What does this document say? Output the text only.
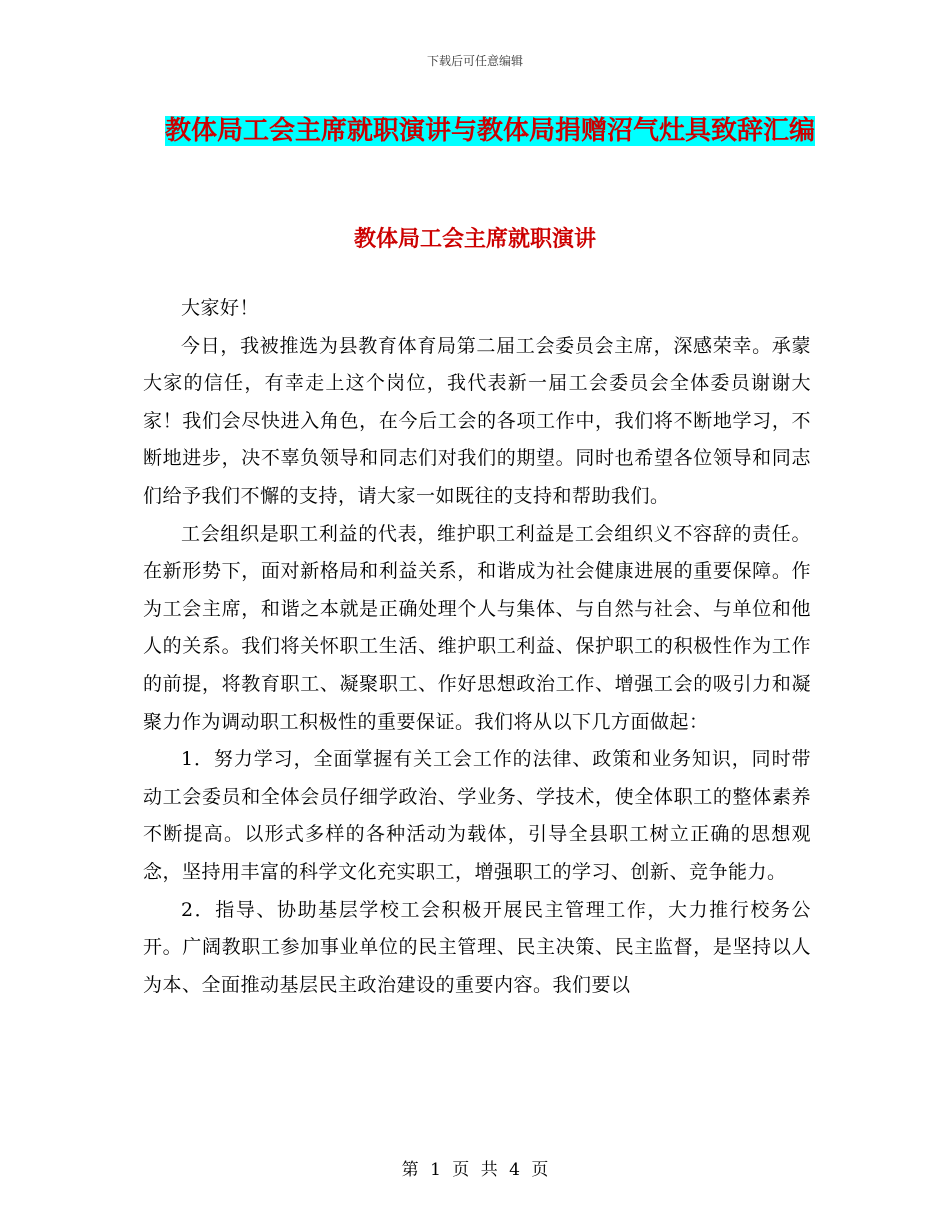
下载后可任意编辑
教体局工会主席就职演讲与教体局捐赠沼气灶具致辞汇编
教体局工会主席就职演讲

大家好！

今日，我被推选为县教育体育局第二届工会委员会主席，深感荣幸。承蒙大家的信任，有幸走上这个岗位，我代表新一届工会委员会全体委员谢谢大家！我们会尽快进入角色，在今后工会的各项工作中，我们将不断地学习，不断地进步，决不辜负领导和同志们对我们的期望。同时也希望各位领导和同志们给予我们不懈的支持，请大家一如既往的支持和帮助我们。

工会组织是职工利益的代表，维护职工利益是工会组织义不容辞的责任。在新形势下，面对新格局和利益关系，和谐成为社会健康进展的重要保障。作为工会主席，和谐之本就是正确处理个人与集体、与自然与社会、与单位和他人的关系。我们将关怀职工生活、维护职工利益、保护职工的积极性作为工作的前提，将教育职工、凝聚职工、作好思想政治工作、增强工会的吸引力和凝聚力作为调动职工积极性的重要保证。我们将从以下几方面做起：

1．努力学习，全面掌握有关工会工作的法律、政策和业务知识，同时带动工会委员和全体会员仔细学政治、学业务、学技术，使全体职工的整体素养不断提高。以形式多样的各种活动为载体，引导全县职工树立正确的思想观念，坚持用丰富的科学文化充实职工，增强职工的学习、创新、竞争能力。

2．指导、协助基层学校工会积极开展民主管理工作，大力推行校务公开。广阔教职工参加事业单位的民主管理、民主决策、民主监督，是坚持以人为本、全面推动基层民主政治建设的重要内容。我们要以

第 1 页 共 4 页
